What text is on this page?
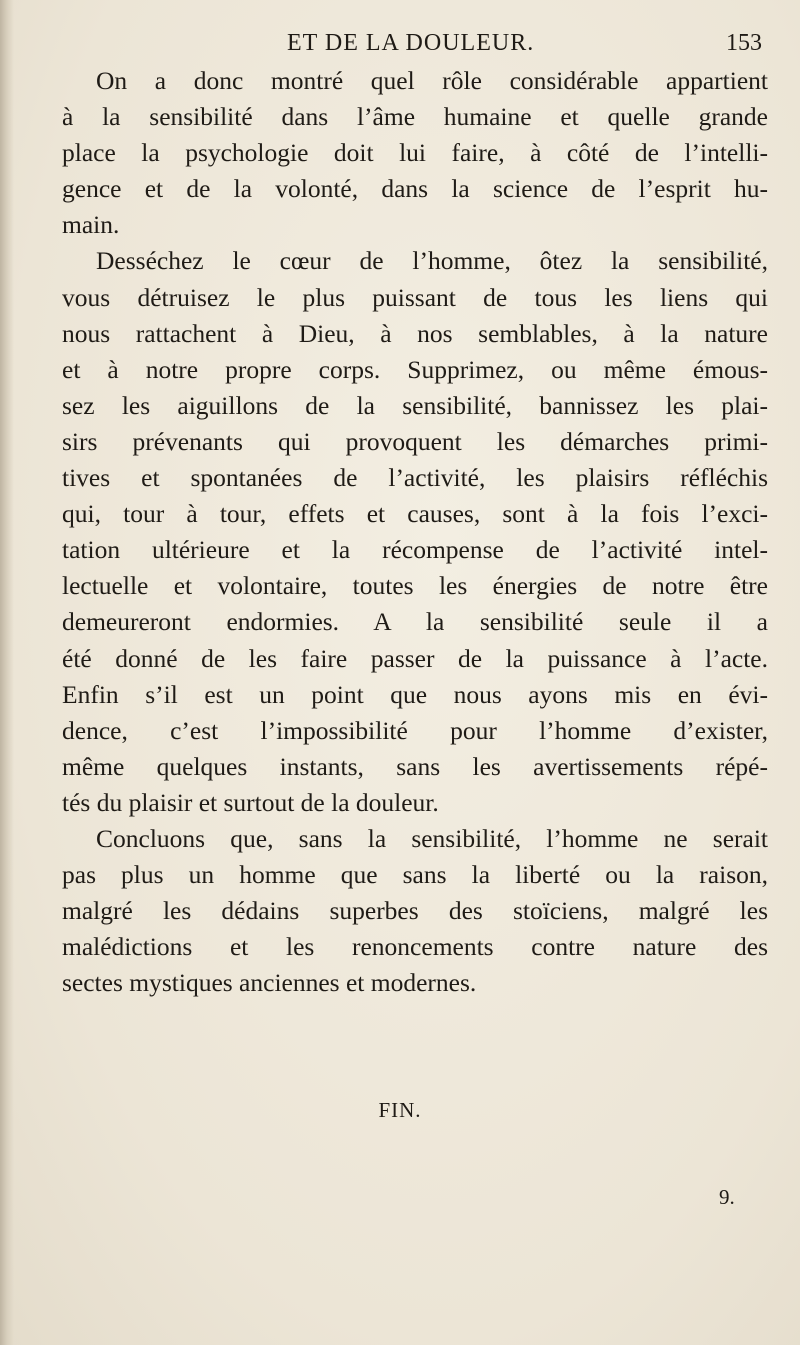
ET DE LA DOULEUR.	153
On a donc montré quel rôle considérable appartient
à la sensibilité dans l’âme humaine et quelle grande
place la psychologie doit lui faire, à côté de l’intelli-
gence et de la volonté, dans la science de l’esprit hu-
main.
Desséchez le cœur de l’homme, ôtez la sensibilité,
vous détruisez le plus puissant de tous les liens qui
nous rattachent à Dieu, à nos semblables, à la nature
et à notre propre corps. Supprimez, ou même émous-
sez les aiguillons de la sensibilité, bannissez les plai-
sirs prévenants qui provoquent les démarches primi-
tives et spontanées de l’activité, les plaisirs réfléchis
qui, tour à tour, effets et causes, sont à la fois l’exci-
tation ultérieure et la récompense de l’activité intel-
lectuelle et volontaire, toutes les énergies de notre être
demeureront endormies. A la sensibilité seule il a
été donné de les faire passer de la puissance à l’acte.
Enfin s’il est un point que nous ayons mis en évi-
dence, c’est l’impossibilité pour l’homme d’exister,
même quelques instants, sans les avertissements répé-
tés du plaisir et surtout de la douleur.
Concluons que, sans la sensibilité, l’homme ne serait
pas plus un homme que sans la liberté ou la raison,
malgré les dédains superbes des stoïciens, malgré les
malédictions et les renoncements contre nature des
sectes mystiques anciennes et modernes.
FIN.
9.
